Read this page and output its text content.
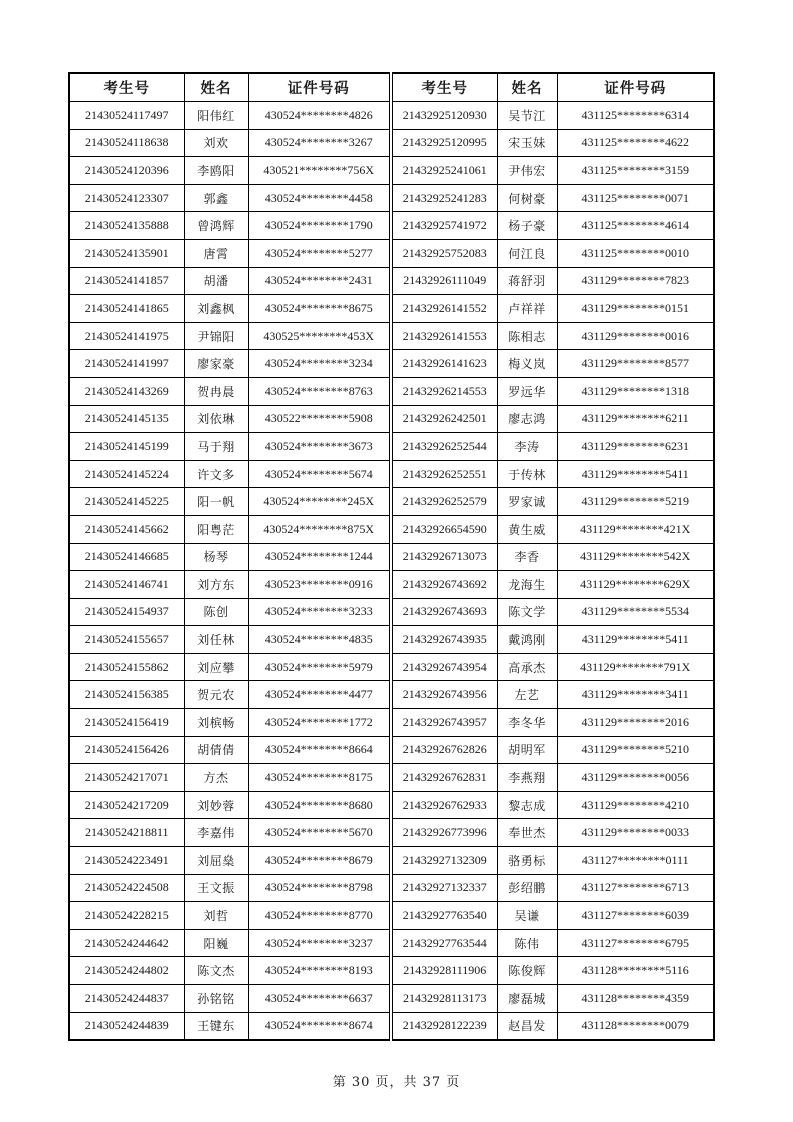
考生号	姓名	证件号码	考生号	姓名	证件号码
21430524117497	阳伟红	430524********4826	21432925120930	吴节江	431125********6314
21430524118638	刘欢	430524********3267	21432925120995	宋玉妹	431125********4622
21430524120396	李鸥阳	430521********756X	21432925241061	尹伟宏	431125********3159
21430524123307	郭鑫	430524********4458	21432925241283	何树豪	431125********0071
21430524135888	曾鸿辉	430524********1790	21432925741972	杨子豪	431125********4614
21430524135901	唐霄	430524********5277	21432925752083	何江良	431125********0010
21430524141857	胡潘	430524********2431	21432926111049	蒋舒羽	431129********7823
21430524141865	刘鑫枫	430524********8675	21432926141552	卢祥祥	431129********0151
21430524141975	尹锦阳	430525********453X	21432926141553	陈相志	431129********0016
21430524141997	廖家豪	430524********3234	21432926141623	梅义岚	431129********8577
21430524143269	贺冉晨	430524********8763	21432926214553	罗远华	431129********1318
21430524145135	刘依琳	430522********5908	21432926242501	廖志鸿	431129********6211
21430524145199	马于翔	430524********3673	21432926252544	李涛	431129********6231
21430524145224	许文多	430524********5674	21432926252551	于传林	431129********5411
21430524145225	阳一帆	430524********245X	21432926252579	罗家诚	431129********5219
21430524145662	阳粤茫	430524********875X	21432926654590	黄生威	431129********421X
21430524146685	杨琴	430524********1244	21432926713073	李香	431129********542X
21430524146741	刘方东	430523********0916	21432926743692	龙海生	431129********629X
21430524154937	陈创	430524********3233	21432926743693	陈文学	431129********5534
21430524155657	刘任林	430524********4835	21432926743935	戴鸿刚	431129********5411
21430524155862	刘应攀	430524********5979	21432926743954	高承杰	431129********791X
21430524156385	贺元农	430524********4477	21432926743956	左艺	431129********3411
21430524156419	刘槟畅	430524********1772	21432926743957	李冬华	431129********2016
21430524156426	胡倩倩	430524********8664	21432926762826	胡明军	431129********5210
21430524217071	方杰	430524********8175	21432926762831	李燕翔	431129********0056
21430524217209	刘妙蓉	430524********8680	21432926762933	黎志成	431129********4210
21430524218811	李嘉伟	430524********5670	21432926773996	奉世杰	431129********0033
21430524223491	刘屈燊	430524********8679	21432927132309	骆勇标	431127********0111
21430524224508	王文振	430524********8798	21432927132337	彭绍鹏	431127********6713
21430524228215	刘哲	430524********8770	21432927763540	吴谦	431127********6039
21430524244642	阳巍	430524********3237	21432927763544	陈伟	431127********6795
21430524244802	陈文杰	430524********8193	21432928111906	陈俊辉	431128********5116
21430524244837	孙铭铭	430524********6637	21432928113173	廖磊城	431128********4359
21430524244839	王键东	430524********8674	21432928122239	赵昌发	431128********0079
第 30 页，共 37 页
